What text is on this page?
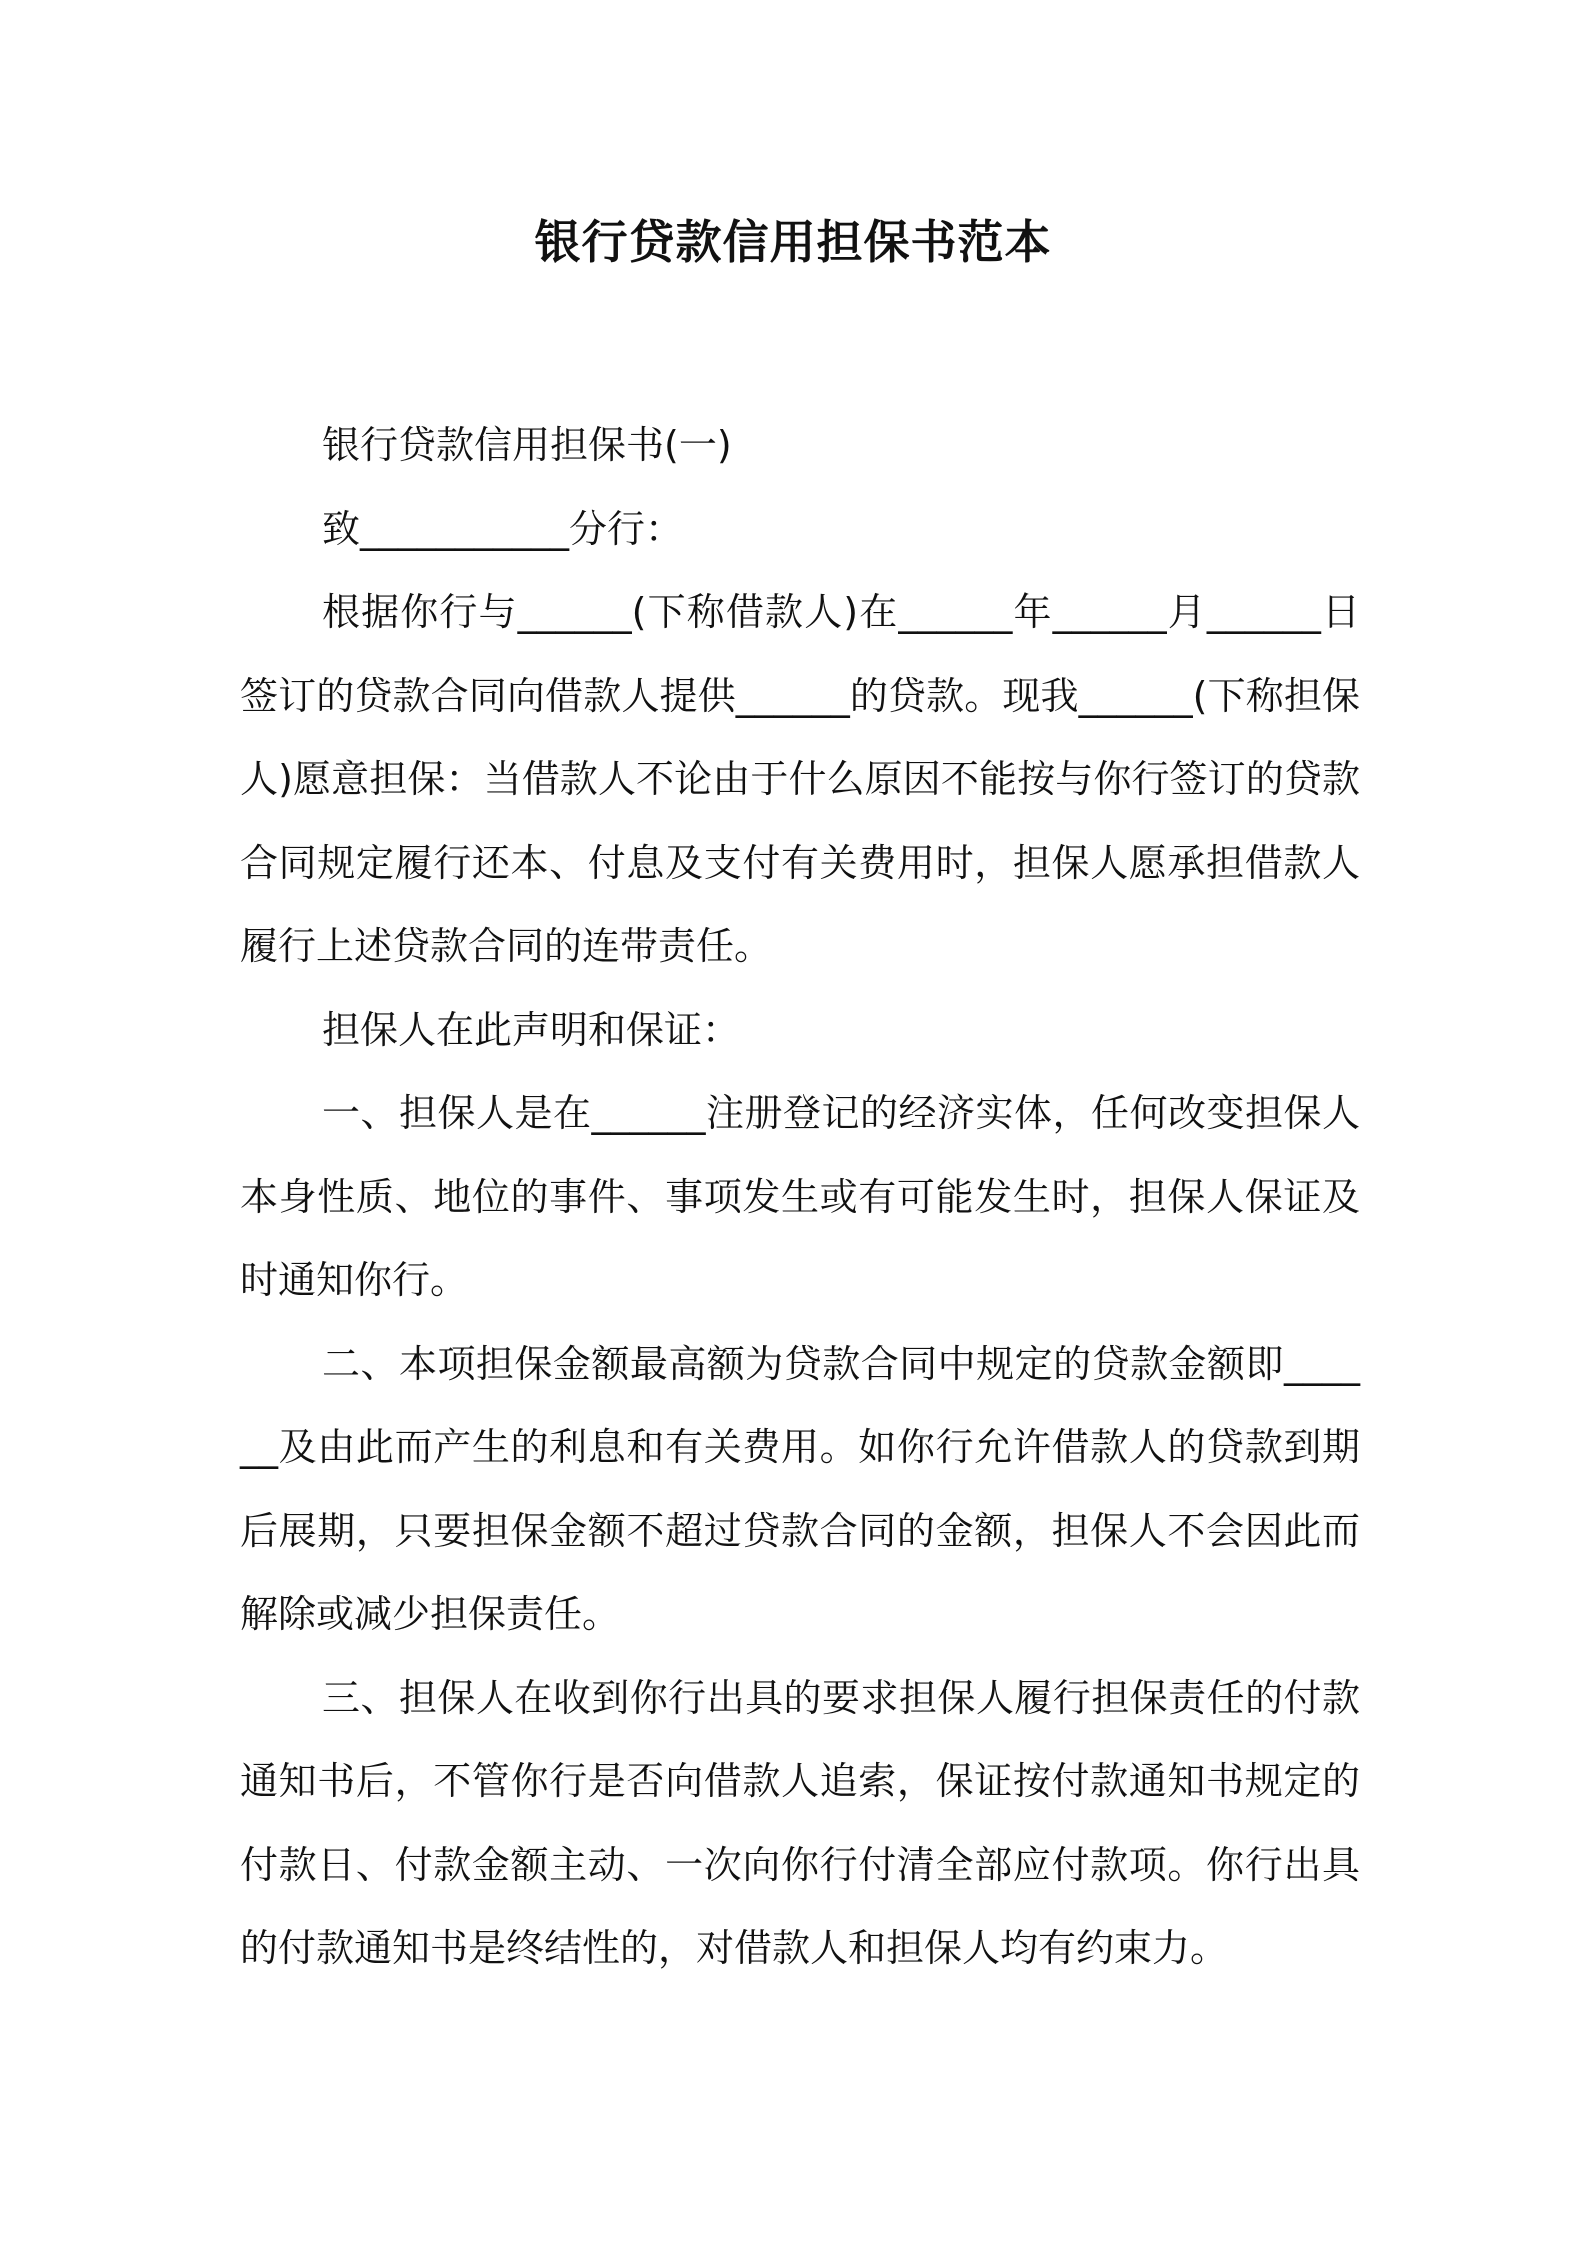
银行贷款信用担保书范本

银行贷款信用担保书(一)

致___________分行：

根据你行与______(下称借款人)在______年______月______日签订的贷款合同向借款人提供______的贷款。现我______(下称担保人)愿意担保：当借款人不论由于什么原因不能按与你行签订的贷款合同规定履行还本、付息及支付有关费用时，担保人愿承担借款人履行上述贷款合同的连带责任。

担保人在此声明和保证：

一、担保人是在______注册登记的经济实体，任何改变担保人本身性质、地位的事件、事项发生或有可能发生时，担保人保证及时通知你行。

二、本项担保金额最高额为贷款合同中规定的贷款金额即______及由此而产生的利息和有关费用。如你行允许借款人的贷款到期后展期，只要担保金额不超过贷款合同的金额，担保人不会因此而解除或减少担保责任。

三、担保人在收到你行出具的要求担保人履行担保责任的付款通知书后，不管你行是否向借款人追索，保证按付款通知书规定的付款日、付款金额主动、一次向你行付清全部应付款项。你行出具的付款通知书是终结性的，对借款人和担保人均有约束力。
